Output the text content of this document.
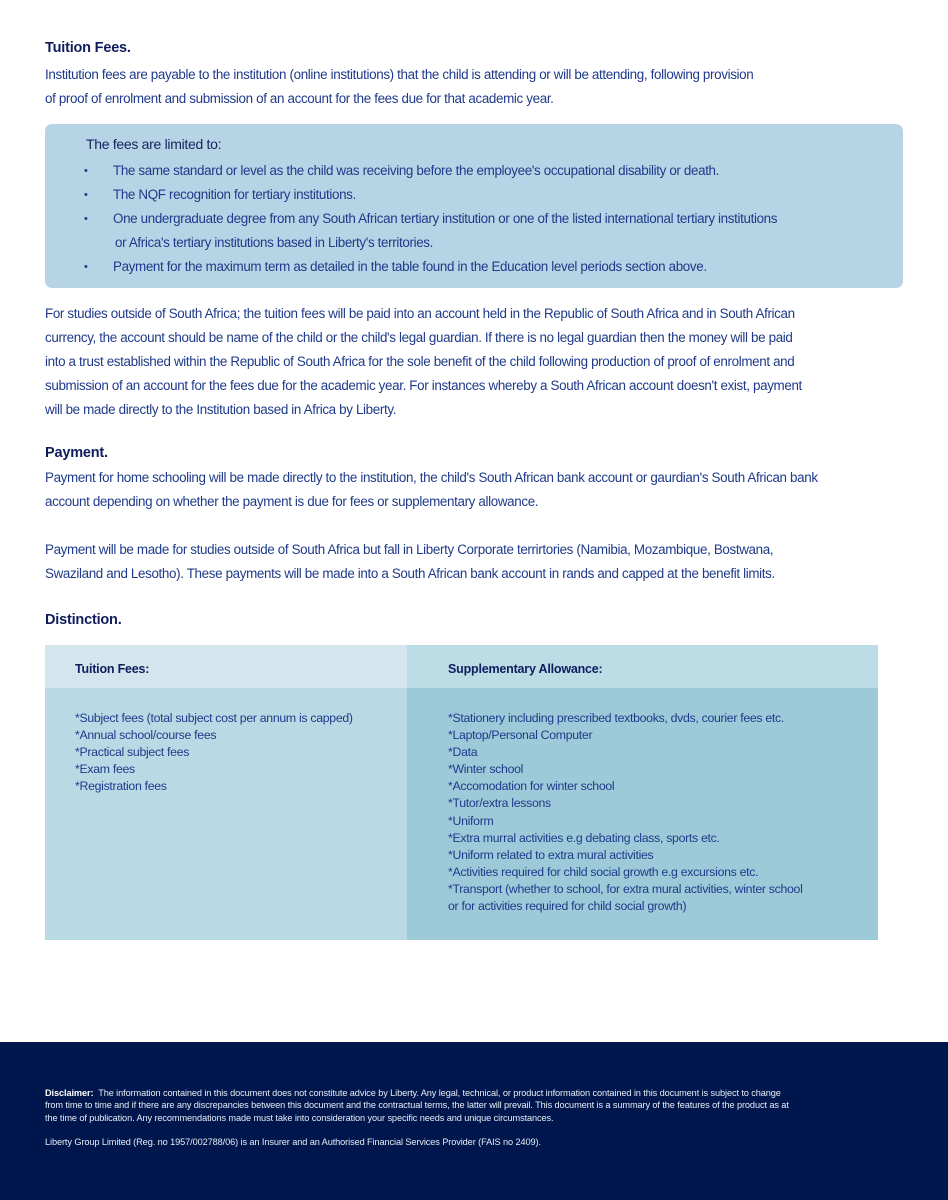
Tuition Fees.

Institution fees are payable to the institution (online institutions) that the child is attending or will be attending, following provision
of proof of enrolment and submission of an account for the fees due for that academic year.

The fees are limited to:

• The same standard or level as the child was receiving before the employee's occupational disability or death.
• The NQF recognition for tertiary institutions.
• One undergraduate degree from any South African tertiary institution or one of the listed international tertiary institutions
or Africa's tertiary institutions based in Liberty's territories.
• Payment for the maximum term as detailed in the table found in the Education level periods section above.

For studies outside of South Africa; the tuition fees will be paid into an account held in the Republic of South Africa and in South African
currency, the account should be name of the child or the child's legal guardian. If there is no legal guardian then the money will be paid
into a trust established within the Republic of South Africa for the sole benefit of the child following production of proof of enrolment and
submission of an account for the fees due for the academic year. For instances whereby a South African account doesn't exist, payment
will be made directly to the Institution based in Africa by Liberty.

Payment.

Payment for home schooling will be made directly to the institution, the child's South African bank account or gaurdian's South African bank
account depending on whether the payment is due for fees or supplementary allowance.

Payment will be made for studies outside of South Africa but fall in Liberty Corporate terrirtories (Namibia, Mozambique, Bostwana,
Swaziland and Lesotho). These payments will be made into a South African bank account in rands and capped at the benefit limits.

Distinction.

Tuition Fees:

*Subject fees (total subject cost per annum is capped)
*Annual school/course fees
*Practical subject fees
*Exam fees
*Registration fees

Supplementary Allowance:

*Stationery including prescribed textbooks, dvds, courier fees etc.
*Laptop/Personal Computer
*Data
*Winter school
*Accomodation for winter school
*Tutor/extra lessons
*Uniform
*Extra murral activities e.g debating class, sports etc.
*Uniform related to extra mural activities
*Activities required for child social growth e.g excursions etc.
*Transport (whether to school, for extra mural activities, winter school
or for activities required for child social growth)

Disclaimer: The information contained in this document does not constitute advice by Liberty. Any legal, technical, or product information contained in this document is subject to change
from time to time and if there are any discrepancies between this document and the contractual terms, the latter will prevail. This document is a summary of the features of the product as at
the time of publication. Any recommendations made must take into consideration your specific needs and unique circumstances.

Liberty Group Limited (Reg. no 1957/002788/06) is an Insurer and an Authorised Financial Services Provider (FAIS no 2409).
